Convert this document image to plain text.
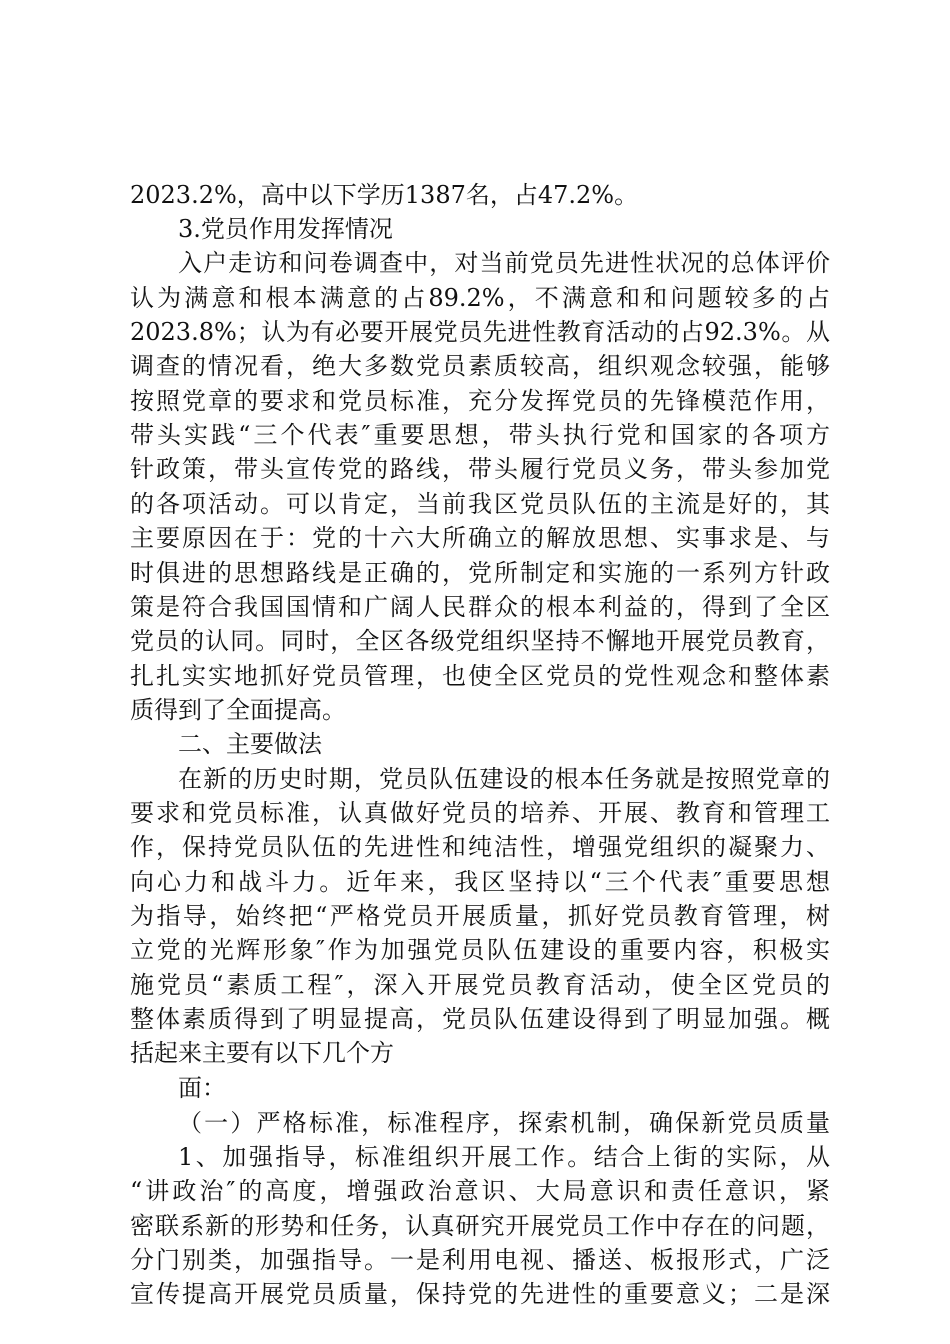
2023.2%，高中以下学历1387名，占47.2%。
3.党员作用发挥情况
入户走访和问卷调查中，对当前党员先进性状况的总体评价
认为满意和根本满意的占89.2%，不满意和和问题较多的占
2023.8%；认为有必要开展党员先进性教育活动的占92.3%。从
调查的情况看，绝大多数党员素质较高，组织观念较强，能够
按照党章的要求和党员标准，充分发挥党员的先锋模范作用，
带头实践“三个代表″重要思想，带头执行党和国家的各项方
针政策，带头宣传党的路线，带头履行党员义务，带头参加党
的各项活动。可以肯定，当前我区党员队伍的主流是好的，其
主要原因在于：党的十六大所确立的解放思想、实事求是、与
时俱进的思想路线是正确的，党所制定和实施的一系列方针政
策是符合我国国情和广阔人民群众的根本利益的，得到了全区
党员的认同。同时，全区各级党组织坚持不懈地开展党员教育，
扎扎实实地抓好党员管理，也使全区党员的党性观念和整体素
质得到了全面提高。
二、主要做法
在新的历史时期，党员队伍建设的根本任务就是按照党章的
要求和党员标准，认真做好党员的培养、开展、教育和管理工
作，保持党员队伍的先进性和纯洁性，增强党组织的凝聚力、
向心力和战斗力。近年来，我区坚持以“三个代表″重要思想
为指导，始终把“严格党员开展质量，抓好党员教育管理，树
立党的光辉形象″作为加强党员队伍建设的重要内容，积极实
施党员“素质工程″，深入开展党员教育活动，使全区党员的
整体素质得到了明显提高，党员队伍建设得到了明显加强。概
括起来主要有以下几个方
面：
（一）严格标准，标准程序，探索机制，确保新党员质量
1、加强指导，标准组织开展工作。结合上街的实际，从
“讲政治″的高度，增强政治意识、大局意识和责任意识，紧
密联系新的形势和任务，认真研究开展党员工作中存在的问题，
分门别类，加强指导。一是利用电视、播送、板报形式，广泛
宣传提高开展党员质量，保持党的先进性的重要意义；二是深
